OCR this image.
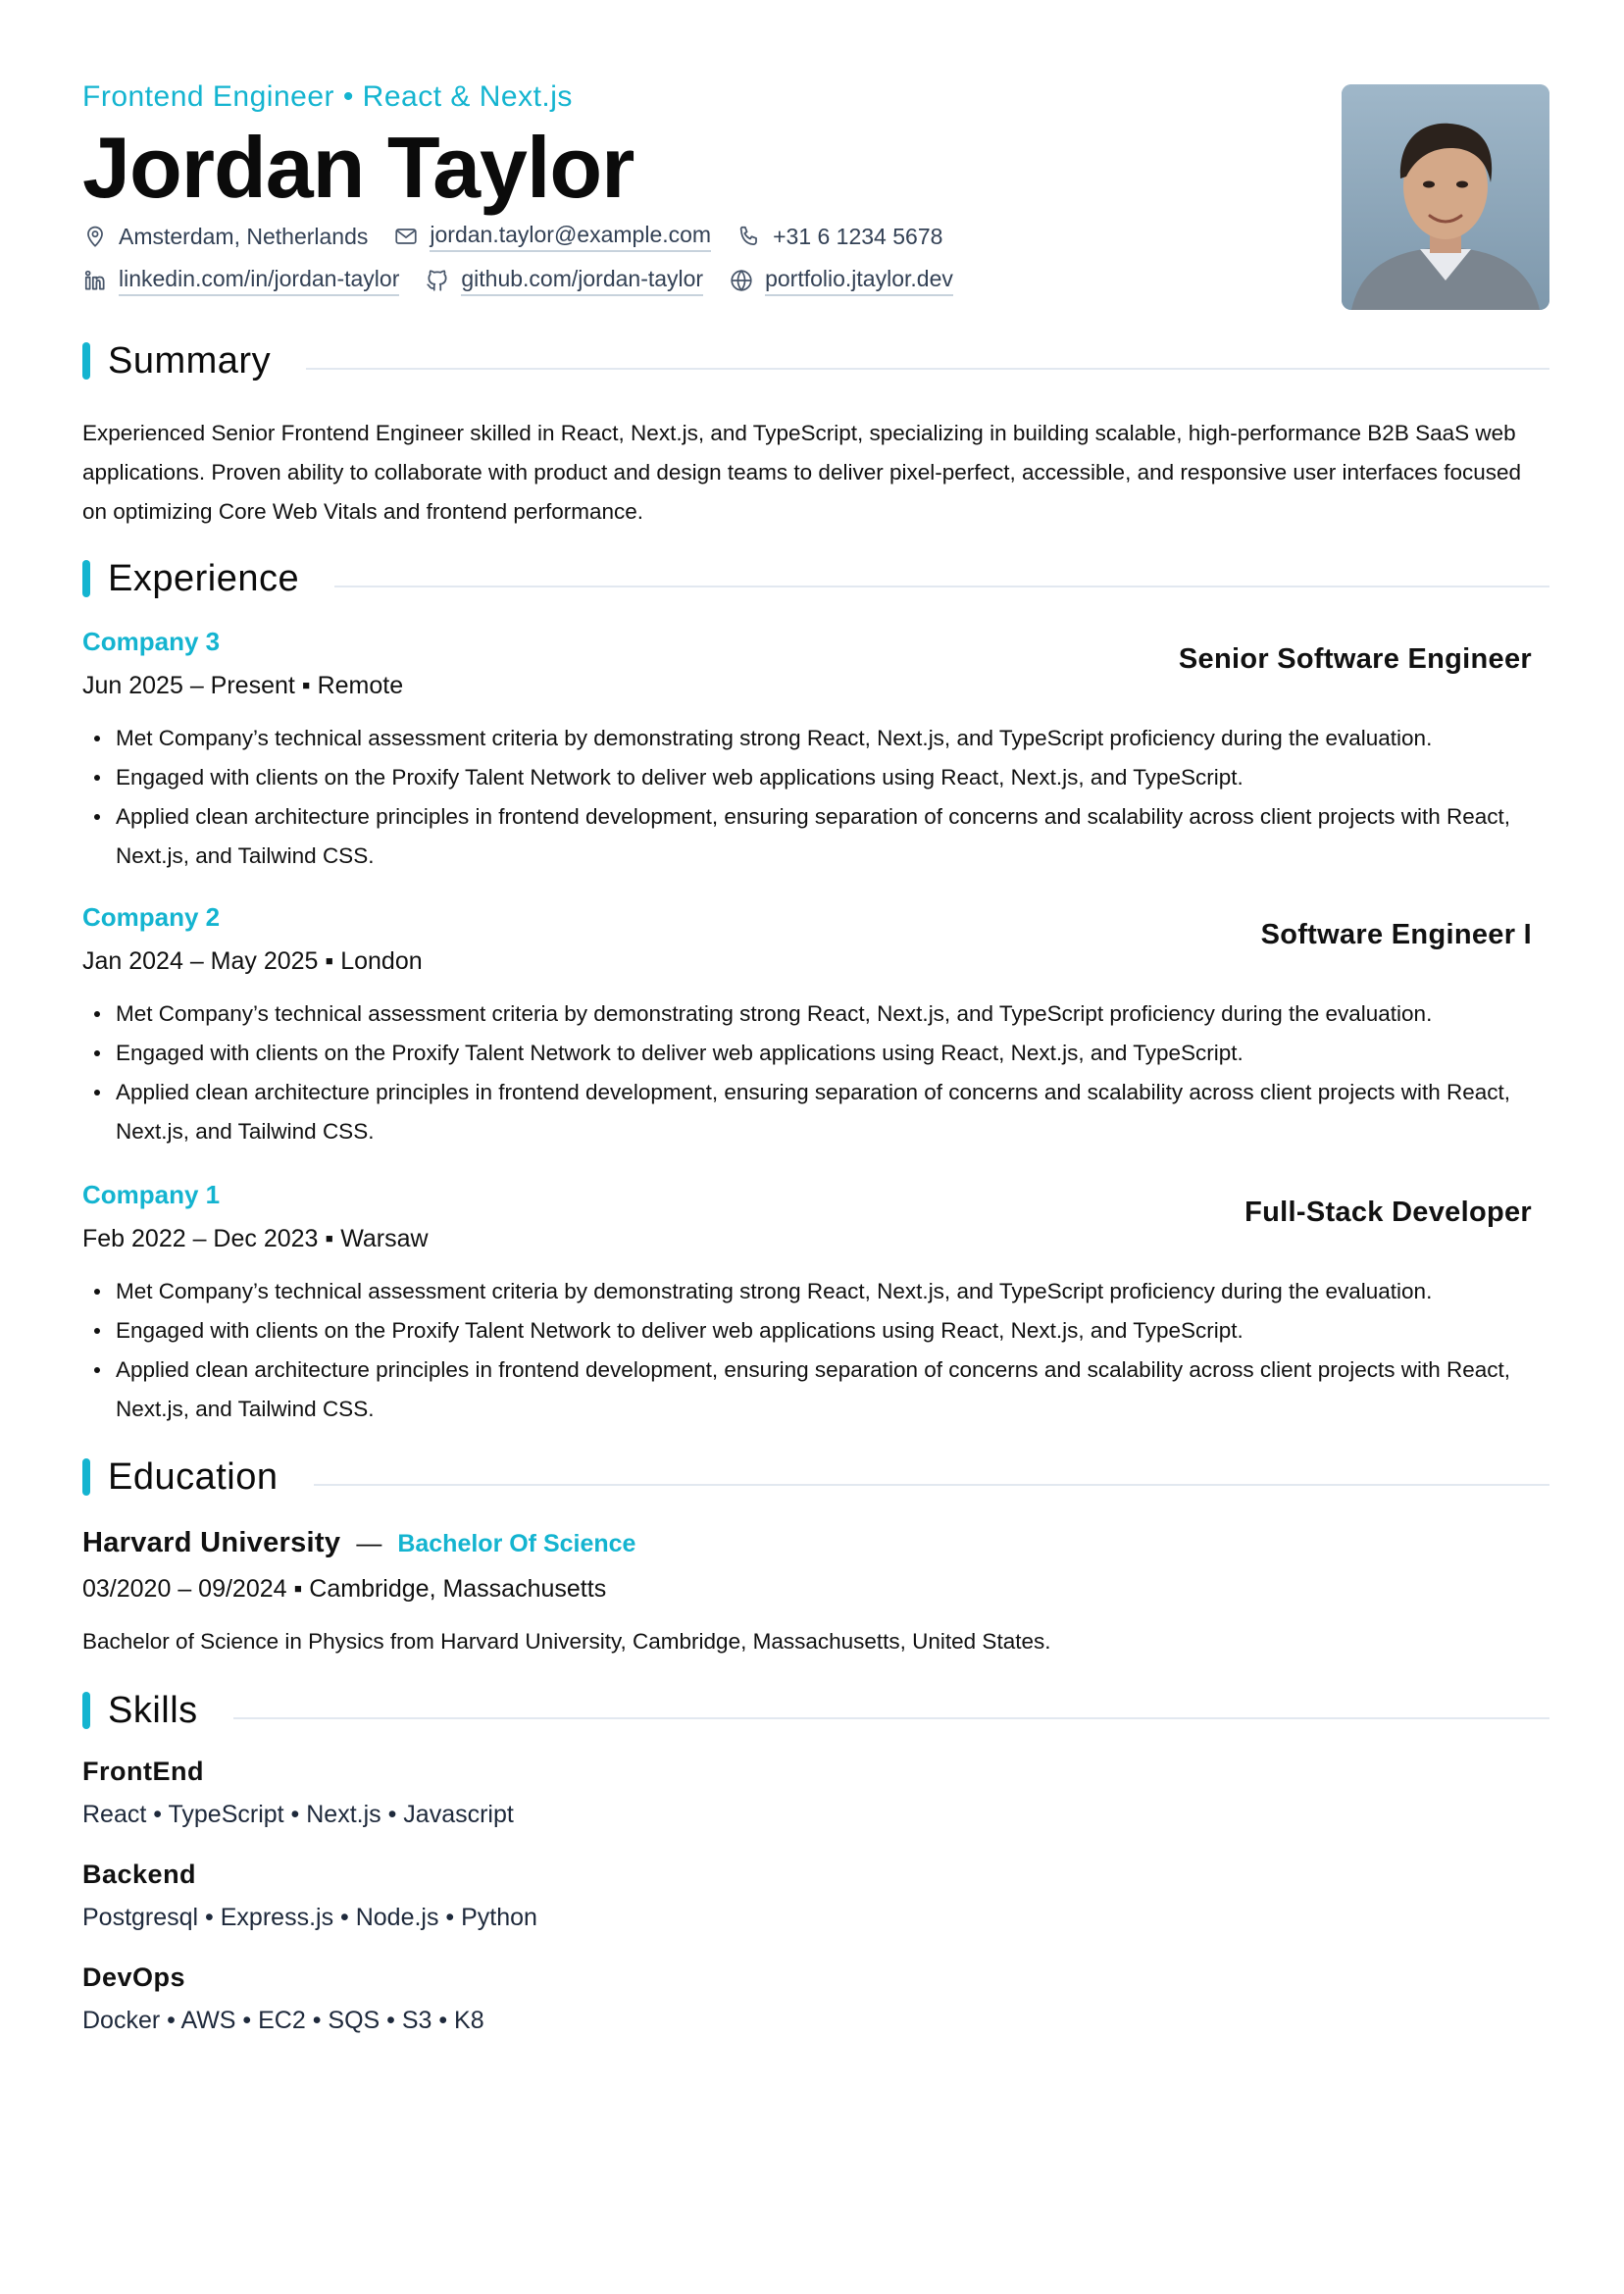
Frontend Engineer • React & Next.js
Jordan Taylor
Amsterdam, Netherlands	jordan.taylor@example.com	+31 6 1234 5678
linkedin.com/in/jordan-taylor	github.com/jordan-taylor	portfolio.jtaylor.dev
Summary
Experienced Senior Frontend Engineer skilled in React, Next.js, and TypeScript, specializing in building scalable, high-performance B2B SaaS web applications. Proven ability to collaborate with product and design teams to deliver pixel-perfect, accessible, and responsive user interfaces focused on optimizing Core Web Vitals and frontend performance.
Experience
Company 3
Jun 2025 – Present ▪ Remote
Senior Software Engineer
Met Company’s technical assessment criteria by demonstrating strong React, Next.js, and TypeScript proficiency during the evaluation.
Engaged with clients on the Proxify Talent Network to deliver web applications using React, Next.js, and TypeScript.
Applied clean architecture principles in frontend development, ensuring separation of concerns and scalability across client projects with React, Next.js, and Tailwind CSS.
Company 2
Jan 2024 – May 2025 ▪ London
Software Engineer I
Met Company’s technical assessment criteria by demonstrating strong React, Next.js, and TypeScript proficiency during the evaluation.
Engaged with clients on the Proxify Talent Network to deliver web applications using React, Next.js, and TypeScript.
Applied clean architecture principles in frontend development, ensuring separation of concerns and scalability across client projects with React, Next.js, and Tailwind CSS.
Company 1
Feb 2022 – Dec 2023 ▪ Warsaw
Full-Stack Developer
Met Company’s technical assessment criteria by demonstrating strong React, Next.js, and TypeScript proficiency during the evaluation.
Engaged with clients on the Proxify Talent Network to deliver web applications using React, Next.js, and TypeScript.
Applied clean architecture principles in frontend development, ensuring separation of concerns and scalability across client projects with React, Next.js, and Tailwind CSS.
Education
Harvard University — Bachelor Of Science
03/2020 – 09/2024 ▪ Cambridge, Massachusetts
Bachelor of Science in Physics from Harvard University, Cambridge, Massachusetts, United States.
Skills
FrontEnd
React • TypeScript • Next.js • Javascript
Backend
Postgresql • Express.js • Node.js • Python
DevOps
Docker • AWS • EC2 • SQS • S3 • K8
